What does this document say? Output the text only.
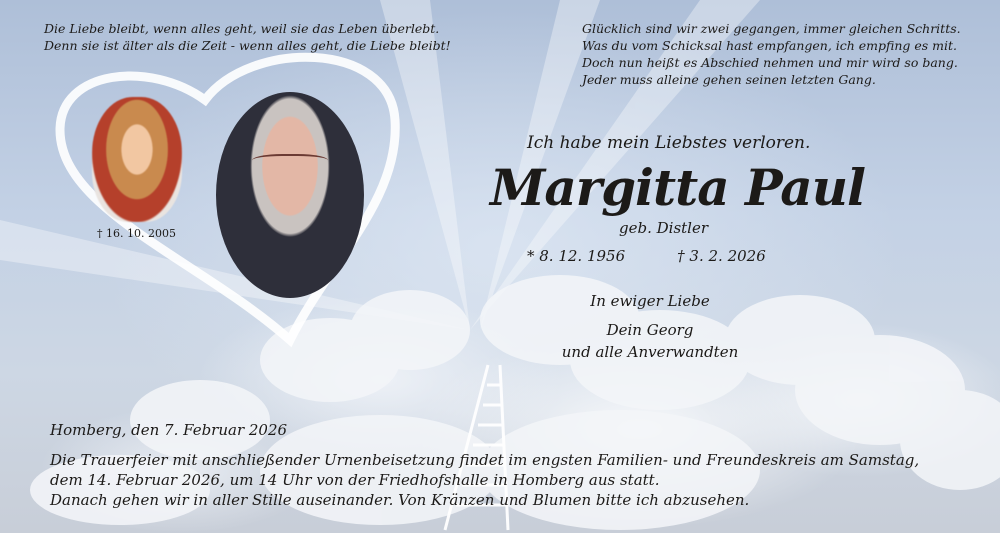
Die Liebe bleibt, wenn alles geht, weil sie das Leben überlebt.
Denn sie ist älter als die Zeit - wenn alles geht, die Liebe bleibt!
Glücklich sind wir zwei gegangen, immer gleichen Schritts.
Was du vom Schicksal hast empfangen, ich empfing es mit.
Doch nun heißt es Abschied nehmen und mir wird so bang.
Jeder muss alleine gehen seinen letzten Gang.
† 16. 10. 2005
Ich habe mein Liebstes verloren.
Margitta Paul
geb. Distler
* 8. 12. 1956	† 3. 2. 2026
In ewiger Liebe
Dein Georg
und alle Anverwandten
Homberg, den 7. Februar 2026
Die Trauerfeier mit anschließender Urnenbeisetzung findet im engsten Familien- und Freundeskreis am Samstag,
dem 14. Februar 2026, um 14 Uhr von der Friedhofshalle in Homberg aus statt.
Danach gehen wir in aller Stille auseinander. Von Kränzen und Blumen bitte ich abzusehen.
